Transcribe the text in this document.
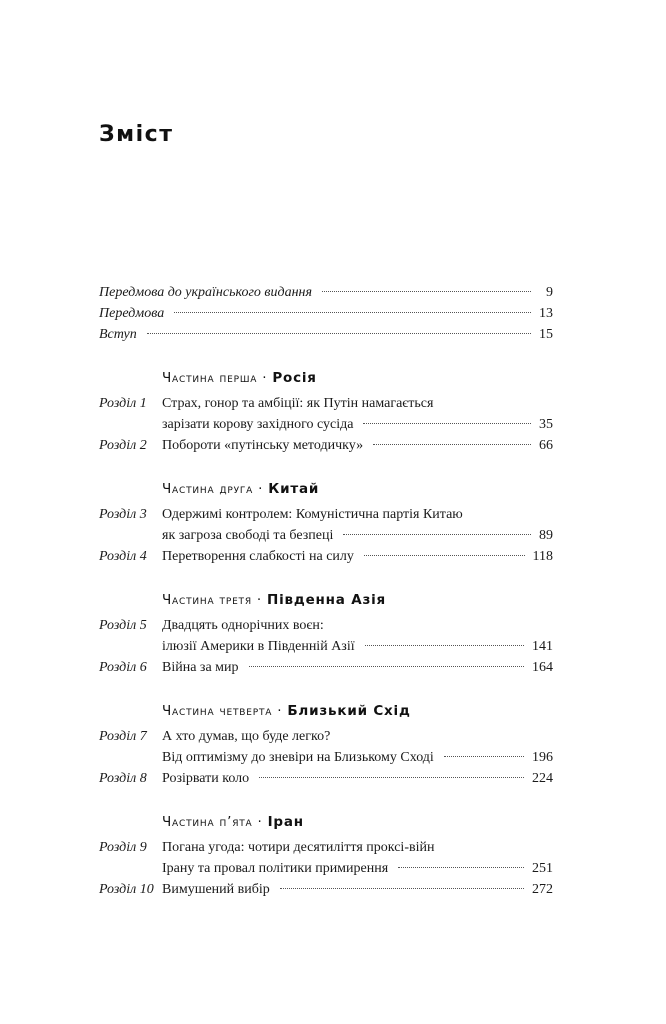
Зміст
Передмова до українського видання	9
Передмова	13
Вступ	15
Частина перша · Росія
Розділ 1 Страх, гонор та амбіції: як Путін намагається
зарізати корову західного сусіда	35
Розділ 2 Побороти «путінську методичку»	66
Частина друга · Китай
Розділ 3 Одержимі контролем: Комуністична партія Китаю
як загроза свободі та безпеці	89
Розділ 4 Перетворення слабкості на силу	118
Частина третя · Південна Азія
Розділ 5 Двадцять однорічних воєн:
ілюзії Америки в Південній Азії	141
Розділ 6 Війна за мир	164
Частина четверта · Близький Схід
Розділ 7 А хто думав, що буде легко?
Від оптимізму до зневіри на Близькому Сході	196
Розділ 8 Розірвати коло	224
Частина п’ята · Іран
Розділ 9 Погана угода: чотири десятиліття проксі-війн
Ірану та провал політики примирення	251
Розділ 10 Вимушений вибір	272
